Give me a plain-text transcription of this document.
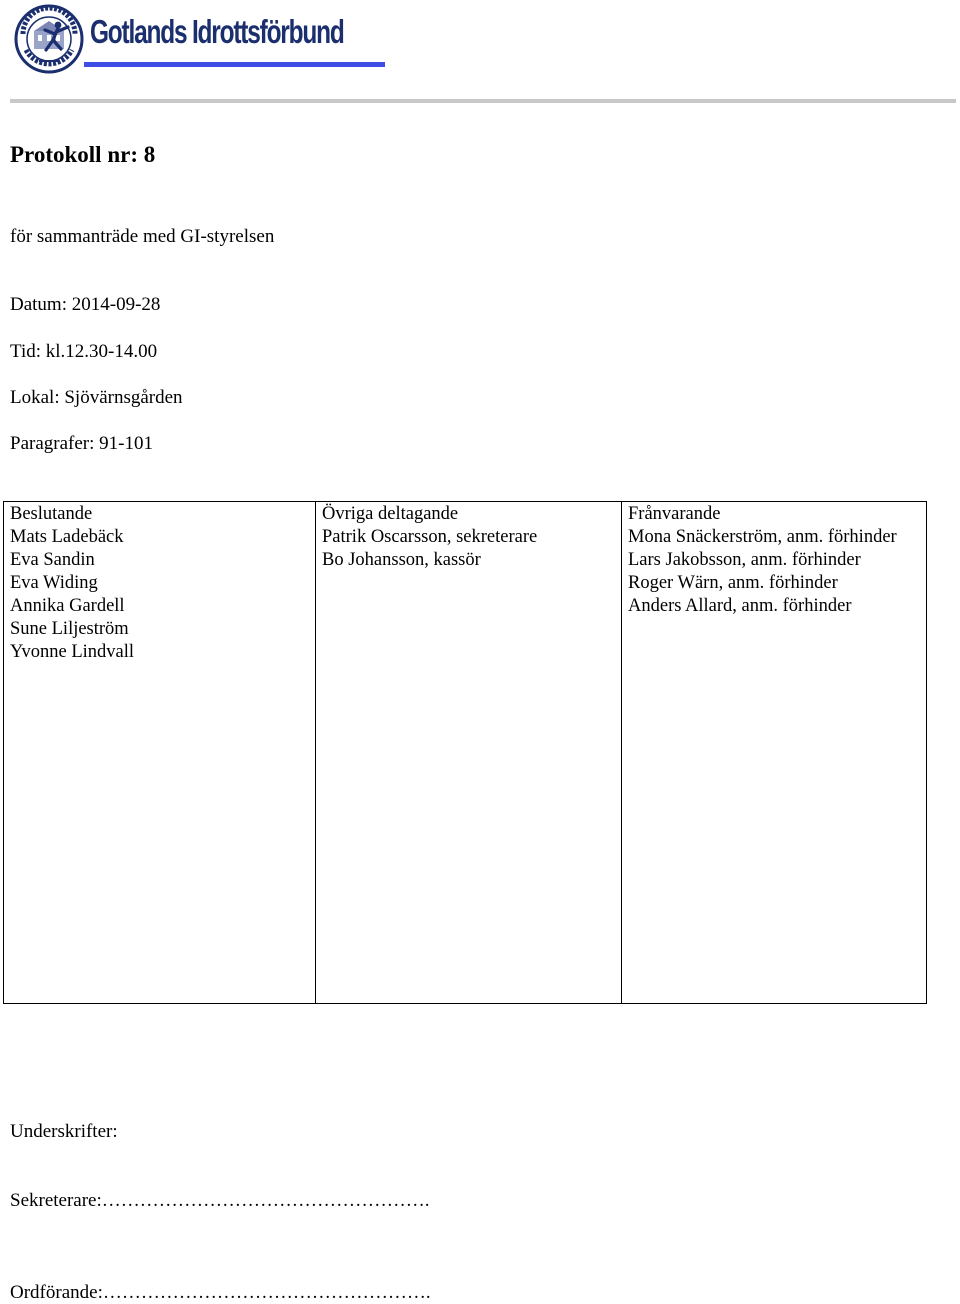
Gotlands Idrottsförbund
Protokoll nr: 8
för sammanträde med GI-styrelsen
Datum: 2014-09-28
Tid: kl.12.30-14.00
Lokal: Sjövärnsgården
Paragrafer: 91-101
Beslutande
Mats Ladebäck
Eva Sandin
Eva Widing
Annika Gardell
Sune Liljeström
Yvonne Lindvall
Övriga deltagande
Patrik Oscarsson, sekreterare
Bo Johansson, kassör
Frånvarande
Mona Snäckerström, anm. förhinder
Lars Jakobsson, anm. förhinder
Roger Wärn, anm. förhinder
Anders Allard, anm. förhinder
Underskrifter:
Sekreterare:…………………………………………….
Ordförande:…………………………………………….
